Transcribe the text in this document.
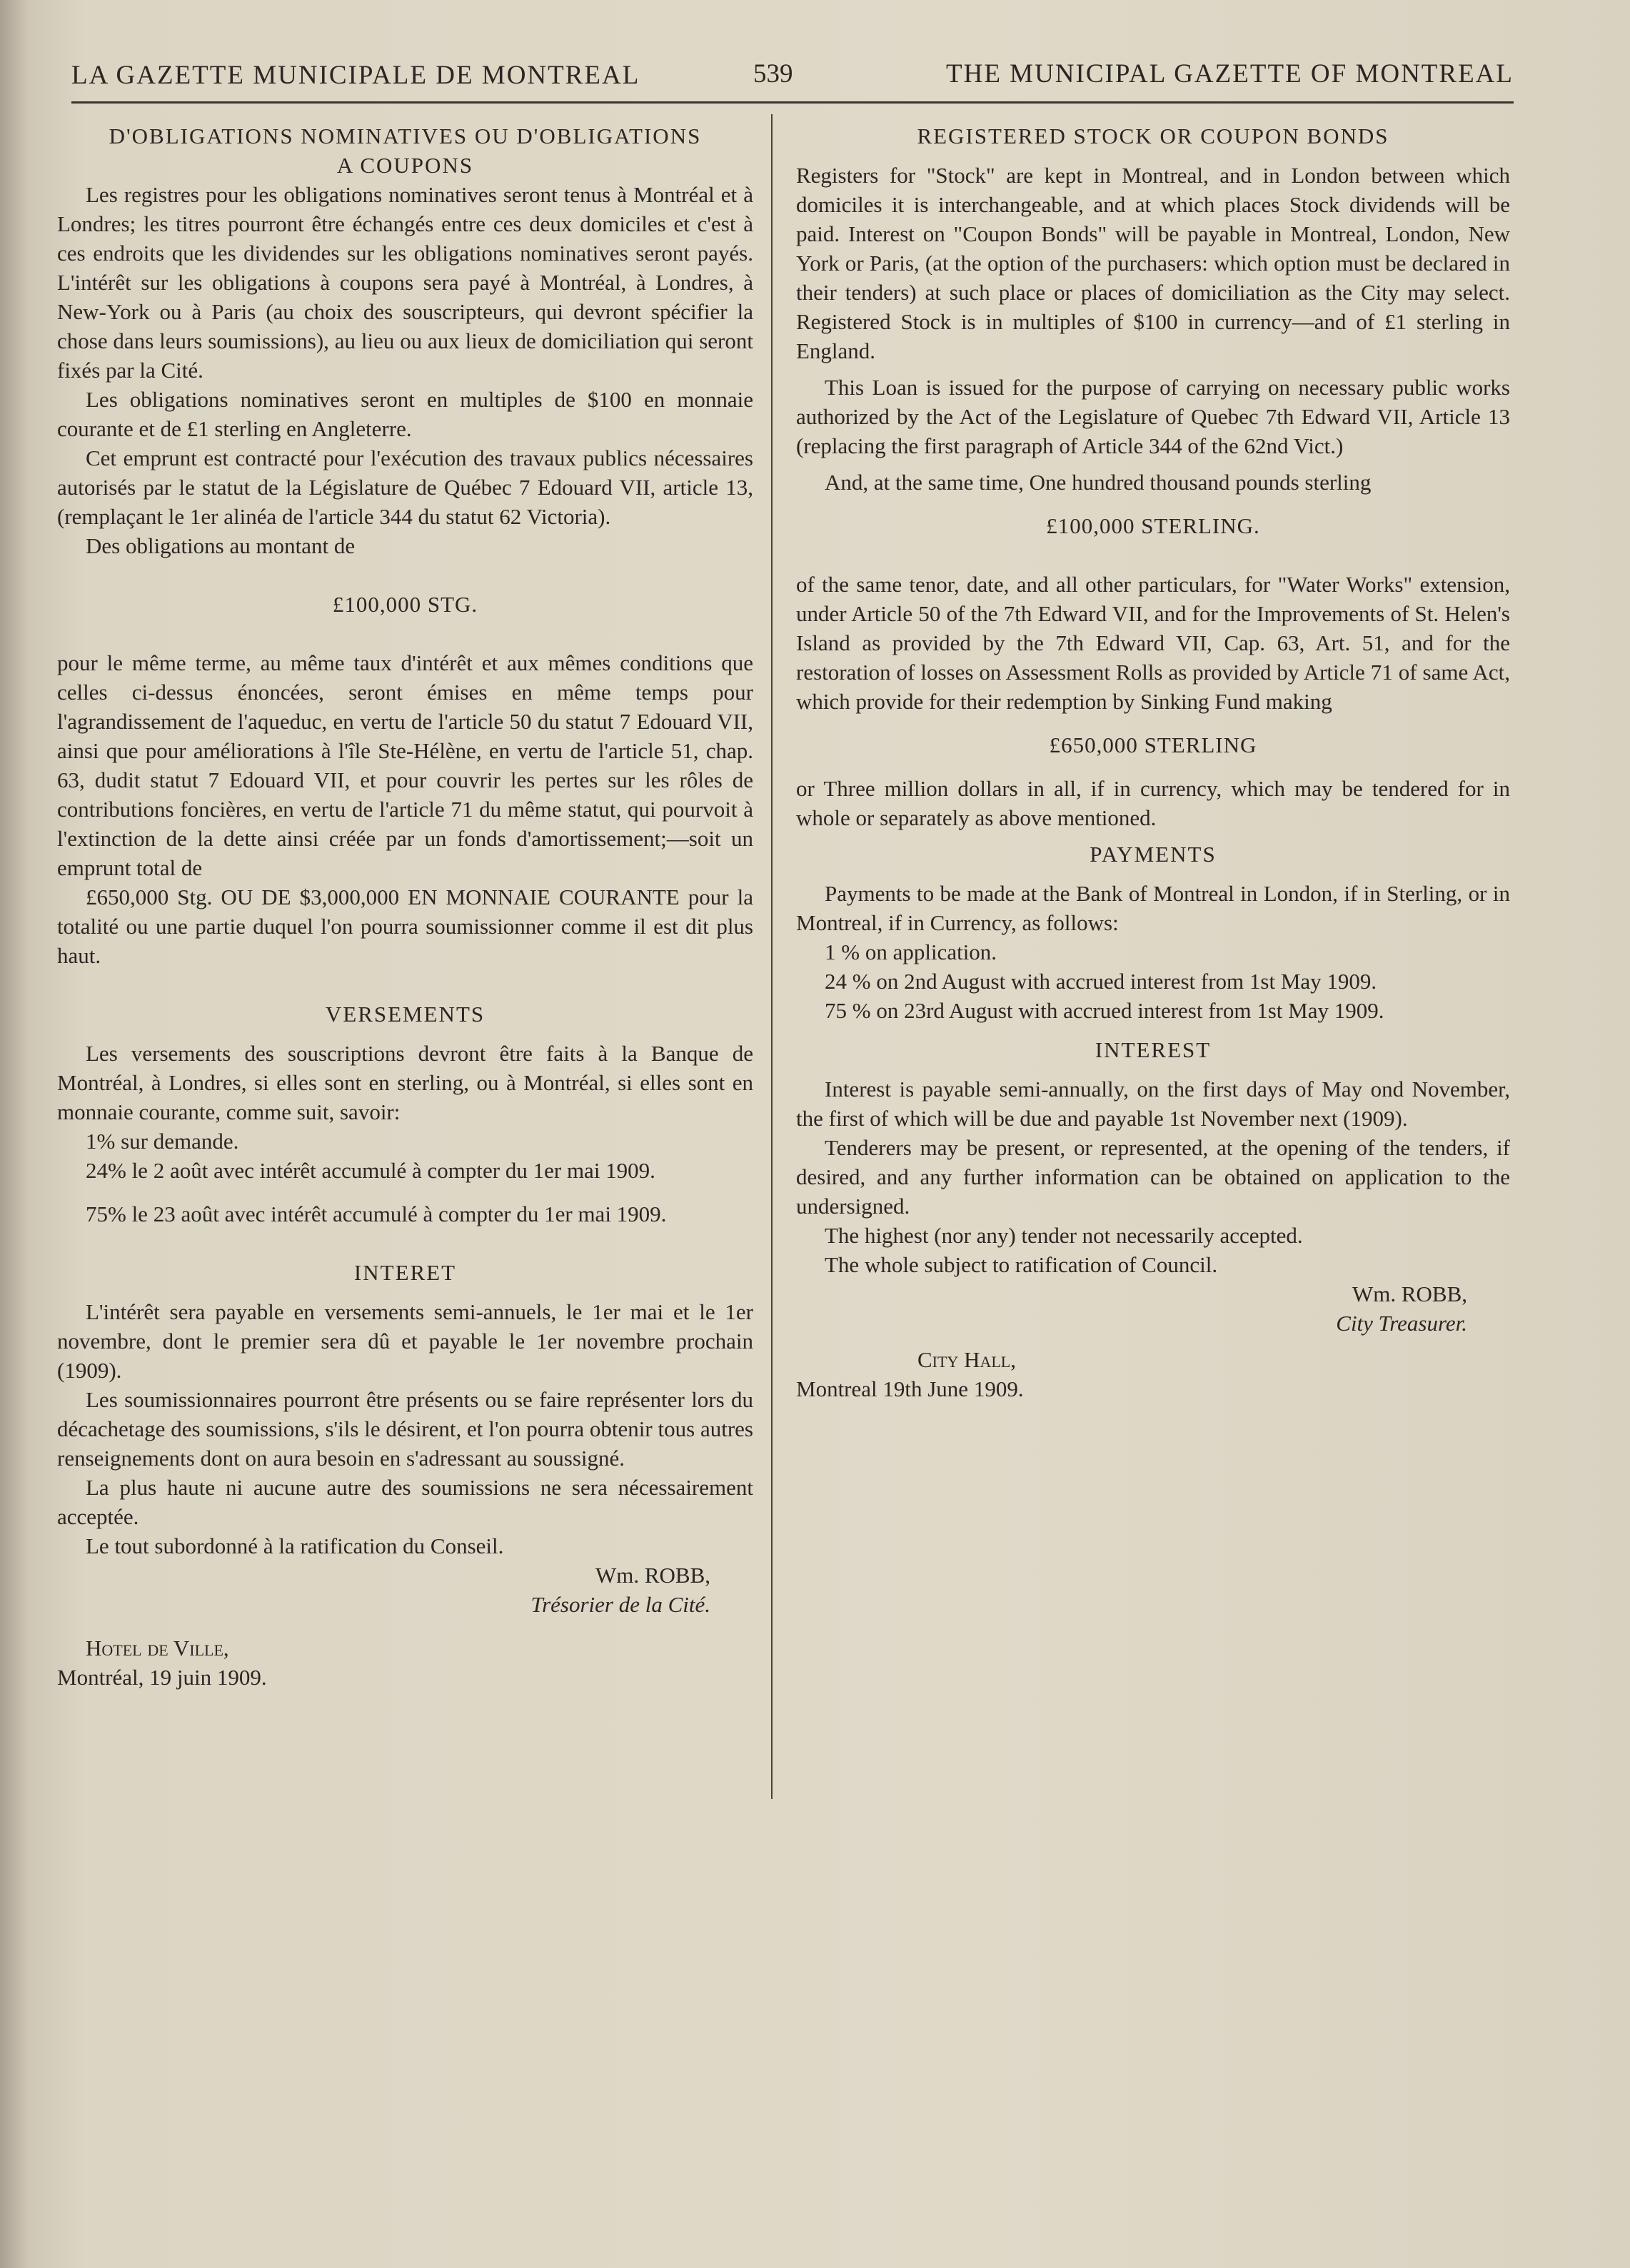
LA GAZETTE MUNICIPALE DE MONTREAL	539	THE MUNICIPAL GAZETTE OF MONTREAL

D'OBLIGATIONS NOMINATIVES OU D'OBLIGATIONS

A COUPONS

Les registres pour les obligations nominatives seront tenus à Montréal et à Londres; les titres pourront être échangés entre ces deux domiciles et c'est à ces endroits que les dividendes sur les obligations nominatives seront payés. L'intérêt sur les obligations à coupons sera payé à Montréal, à Londres, à New-York ou à Paris (au choix des souscripteurs, qui devront spécifier la chose dans leurs soumissions), au lieu ou aux lieux de domiciliation qui seront fixés par la Cité.

Les obligations nominatives seront en multiples de $100 en monnaie courante et de £1 sterling en Angleterre.

Cet emprunt est contracté pour l'exécution des travaux publics nécessaires autorisés par le statut de la Législature de Québec 7 Edouard VII, article 13, (remplaçant le 1er alinéa de l'article 344 du statut 62 Victoria).

Des obligations au montant de

£100,000 STG.

pour le même terme, au même taux d'intérêt et aux mêmes conditions que celles ci-dessus énoncées, seront émises en même temps pour l'agrandissement de l'aqueduc, en vertu de l'article 50 du statut 7 Edouard VII, ainsi que pour améliorations à l'île Ste-Hélène, en vertu de l'article 51, chap. 63, dudit statut 7 Edouard VII, et pour couvrir les pertes sur les rôles de contributions foncières, en vertu de l'article 71 du même statut, qui pourvoit à l'extinction de la dette ainsi créée par un fonds d'amortissement;—soit un emprunt total de

£650,000 Stg. OU DE $3,000,000 EN MONNAIE COURANTE pour la totalité ou une partie duquel l'on pourra soumissionner comme il est dit plus haut.

VERSEMENTS

Les versements des souscriptions devront être faits à la Banque de Montréal, à Londres, si elles sont en sterling, ou à Montréal, si elles sont en monnaie courante, comme suit, savoir:

1% sur demande.

24% le 2 août avec intérêt accumulé à compter du 1er mai 1909.

75% le 23 août avec intérêt accumulé à compter du 1er mai 1909.

INTERET

L'intérêt sera payable en versements semi-annuels, le 1er mai et le 1er novembre, dont le premier sera dû et payable le 1er novembre prochain (1909).

Les soumissionnaires pourront être présents ou se faire représenter lors du décachetage des soumissions, s'ils le désirent, et l'on pourra obtenir tous autres renseignements dont on aura besoin en s'adressant au soussigné.

La plus haute ni aucune autre des soumissions ne sera nécessairement acceptée.

Le tout subordonné à la ratification du Conseil.

Wm. ROBB,

Trésorier de la Cité.

Hotel de Ville,

Montréal, 19 juin 1909.

REGISTERED STOCK OR COUPON BONDS

Registers for "Stock" are kept in Montreal, and in London between which domiciles it is interchangeable, and at which places Stock dividends will be paid. Interest on "Coupon Bonds" will be payable in Montreal, London, New York or Paris, (at the option of the purchasers: which option must be declared in their tenders) at such place or places of domiciliation as the City may select. Registered Stock is in multiples of $100 in currency—and of £1 sterling in England.

This Loan is issued for the purpose of carrying on necessary public works authorized by the Act of the Legislature of Quebec 7th Edward VII, Article 13 (replacing the first paragraph of Article 344 of the 62nd Vict.)

And, at the same time, One hundred thousand pounds sterling

£100,000 STERLING.

of the same tenor, date, and all other particulars, for "Water Works" extension, under Article 50 of the 7th Edward VII, and for the Improvements of St. Helen's Island as provided by the 7th Edward VII, Cap. 63, Art. 51, and for the restoration of losses on Assessment Rolls as provided by Article 71 of same Act, which provide for their redemption by Sinking Fund making

£650,000 STERLING

or Three million dollars in all, if in currency, which may be tendered for in whole or separately as above mentioned.

PAYMENTS

Payments to be made at the Bank of Montreal in London, if in Sterling, or in Montreal, if in Currency, as follows:

1 % on application.

24 % on 2nd August with accrued interest from 1st May 1909.

75 % on 23rd August with accrued interest from 1st May 1909.

INTEREST

Interest is payable semi-annually, on the first days of May ond November, the first of which will be due and payable 1st November next (1909).

Tenderers may be present, or represented, at the opening of the tenders, if desired, and any further information can be obtained on application to the undersigned.

The highest (nor any) tender not necessarily accepted.

The whole subject to ratification of Council.

Wm. ROBB,

City Treasurer.

City Hall,

Montreal 19th June 1909.
